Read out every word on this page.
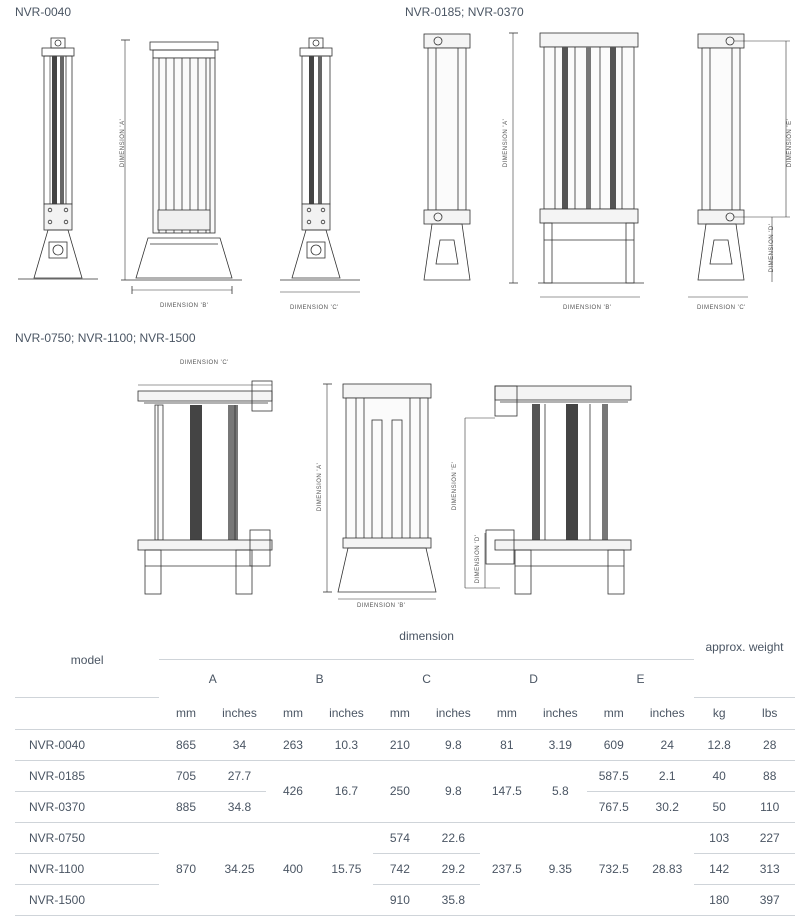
NVR-0040	NVR-0185; NVR-0370
NVR-0750; NVR-1100; NVR-1500
DIMENSION 'A'
DIMENSION 'B'	DIMENSION 'C'
DIMENSION 'A'
DIMENSION 'B'	DIMENSION 'C'
DIMENSION 'E'
DIMENSION 'D'
DIMENSION 'C'
DIMENSION 'A'
DIMENSION 'B'
DIMENSION 'E'
DIMENSION 'D'
model	dimension										approx. weight	
	A		B		C		D		E			
	mm	inches	mm	inches	mm	inches	mm	inches	mm	inches	kg	lbs
NVR-0040	865	34	263	10.3	210	9.8	81	3.19	609	24	12.8	28
NVR-0185	705	27.7	426	16.7	250	9.8	147.5	5.8	587.5	2.1	40	88
NVR-0370	885	34.8							767.5	30.2	50	110
NVR-0750	870	34.25	400	15.75	574	22.6	237.5	9.35	732.5	28.83	103	227
NVR-1100					742	29.2					142	313
NVR-1500					910	35.8					180	397
